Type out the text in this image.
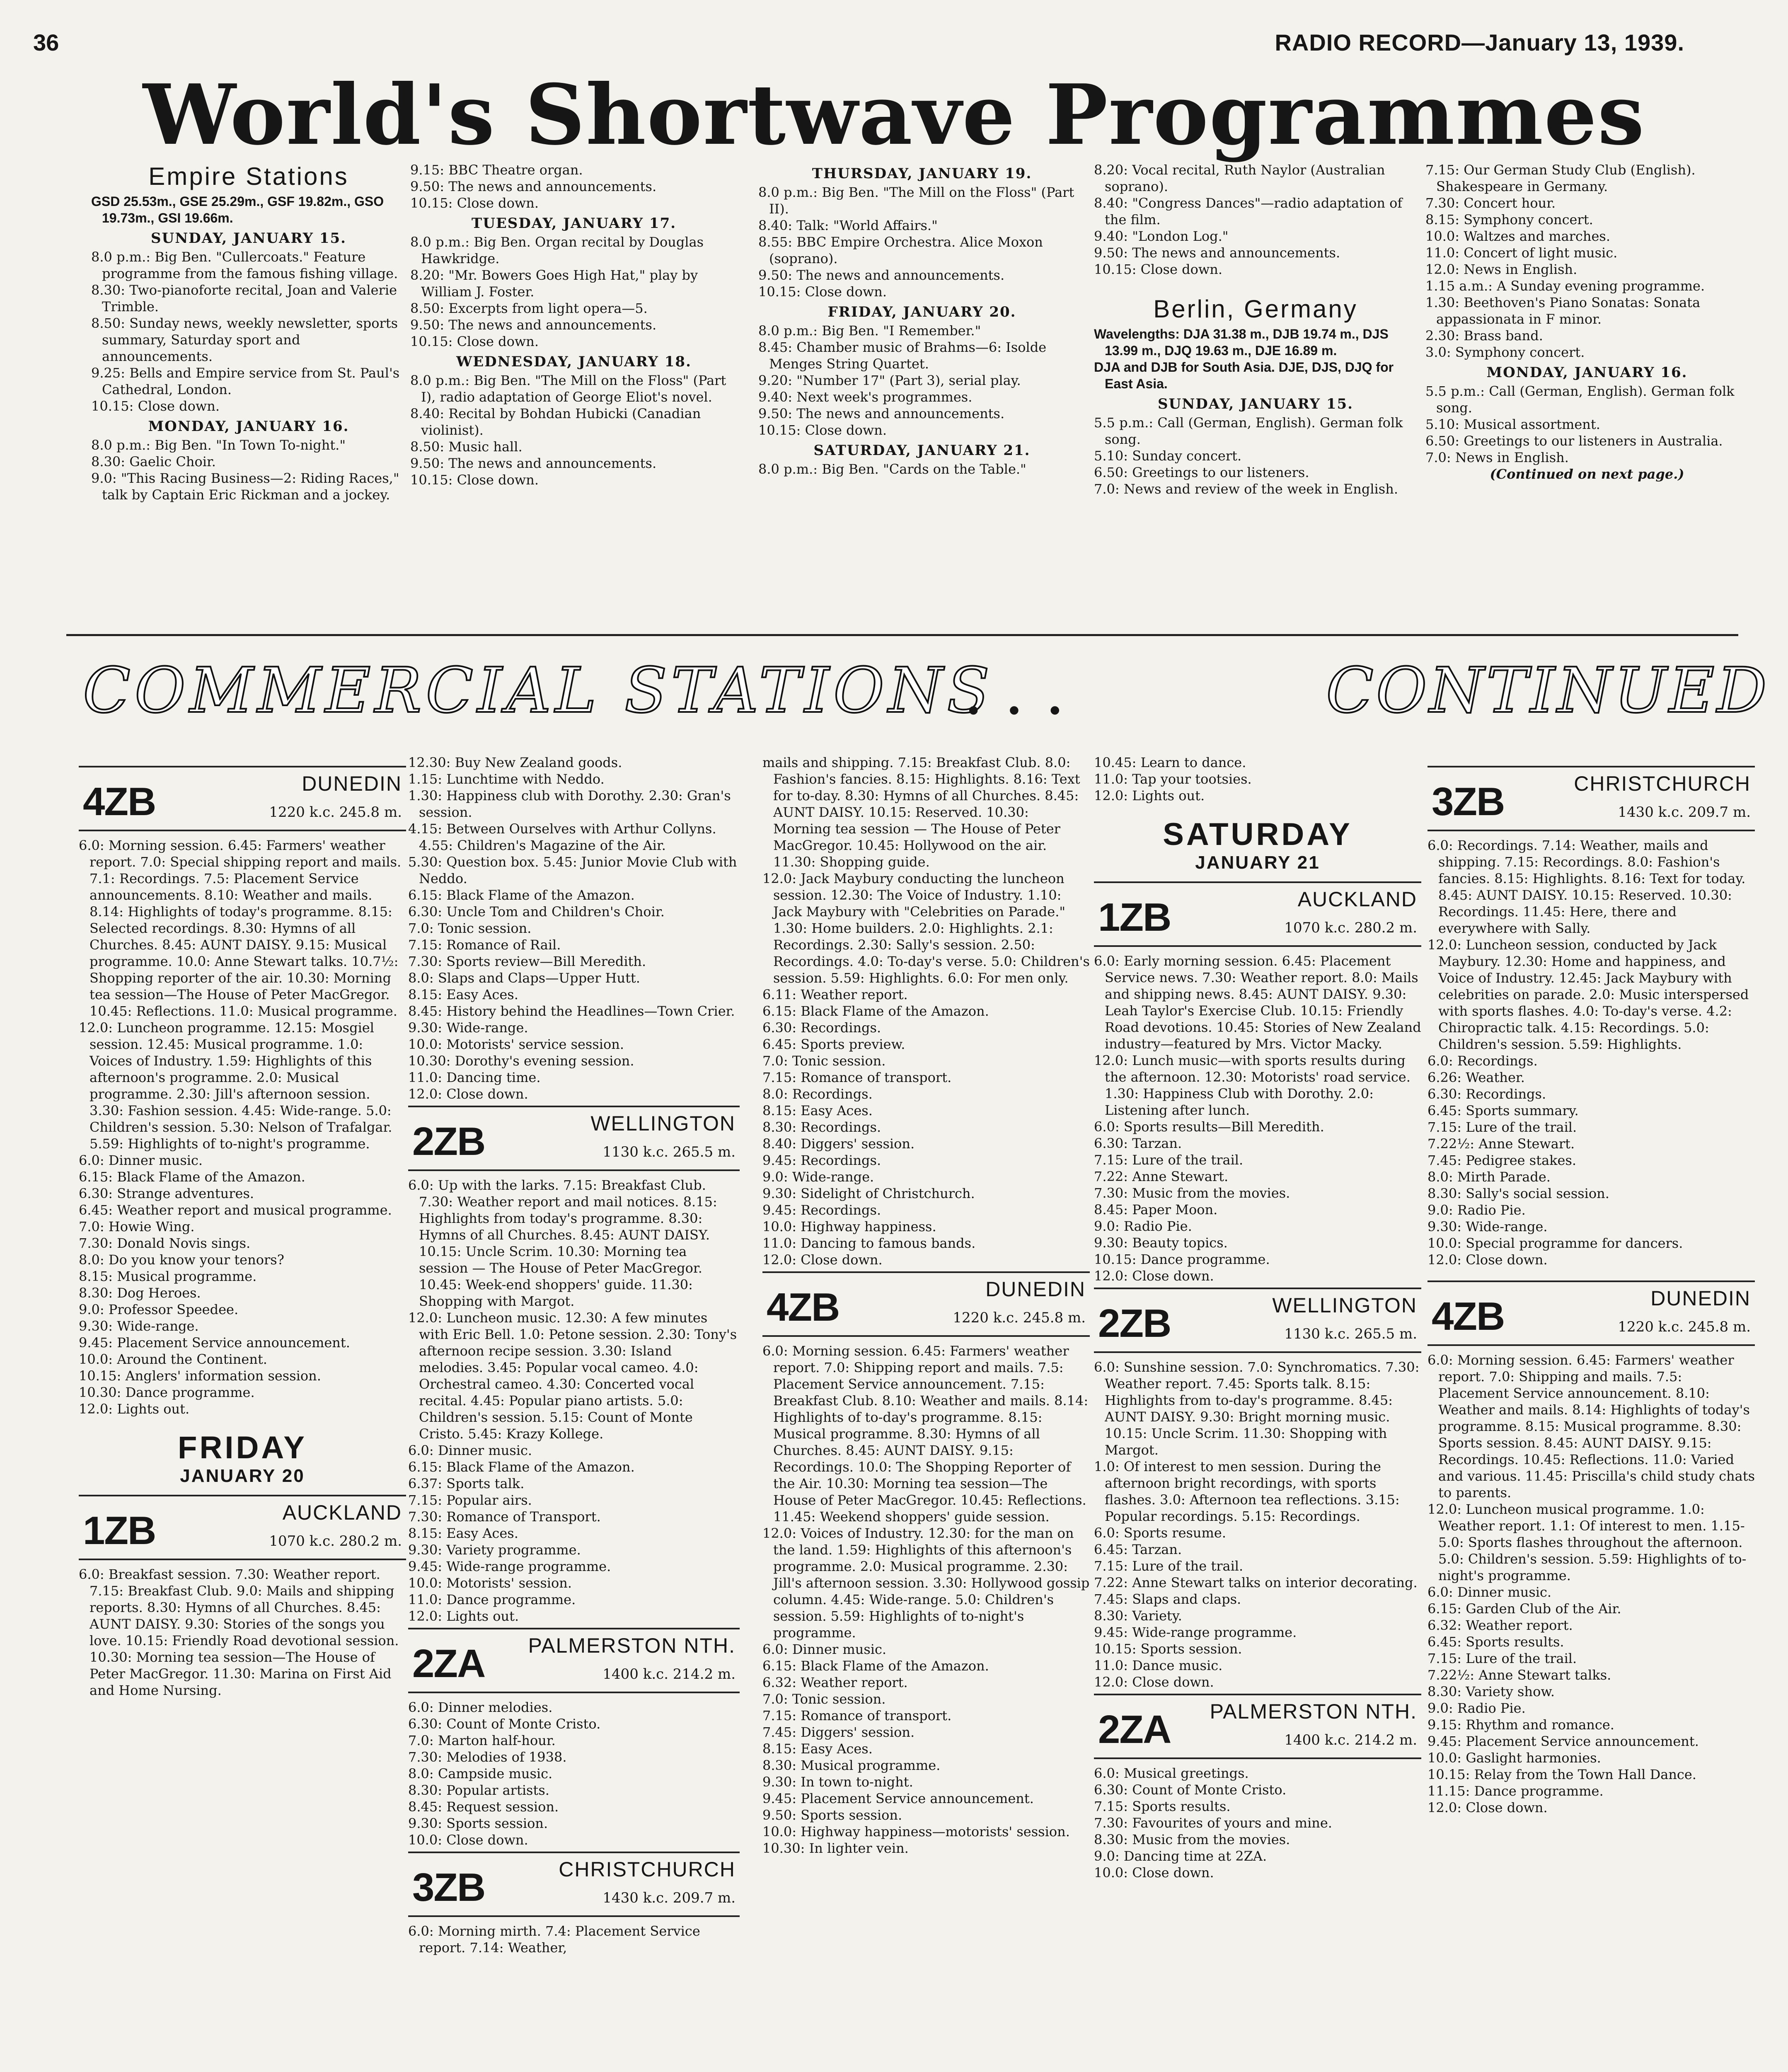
36	RADIO RECORD—January 13, 1939.
World's Shortwave Programmes
Empire Stations

GSD 25.53m., GSE 25.29m., GSF 19.82m., GSO 19.73m., GSI 19.66m.

SUNDAY, JANUARY 15.

8.0 p.m.: Big Ben. "Cullercoats." Feature programme from the famous fishing village.

8.30: Two-pianoforte recital, Joan and Valerie Trimble.

8.50: Sunday news, weekly newsletter, sports summary, Saturday sport and announcements.

9.25: Bells and Empire service from St. Paul's Cathedral, London.

10.15: Close down.

MONDAY, JANUARY 16.

8.0 p.m.: Big Ben. "In Town To-night."

8.30: Gaelic Choir.

9.0: "This Racing Business—2: Riding Races," talk by Captain Eric Rickman and a jockey.

9.15: BBC Theatre organ.

9.50: The news and announcements.

10.15: Close down.

TUESDAY, JANUARY 17.

8.0 p.m.: Big Ben. Organ recital by Douglas Hawkridge.

8.20: "Mr. Bowers Goes High Hat," play by William J. Foster.

8.50: Excerpts from light opera—5.

9.50: The news and announcements.

10.15: Close down.

WEDNESDAY, JANUARY 18.

8.0 p.m.: Big Ben. "The Mill on the Floss" (Part I), radio adaptation of George Eliot's novel.

8.40: Recital by Bohdan Hubicki (Canadian violinist).

8.50: Music hall.

9.50: The news and announcements.

10.15: Close down.

THURSDAY, JANUARY 19.

8.0 p.m.: Big Ben. "The Mill on the Floss" (Part II).

8.40: Talk: "World Affairs."

8.55: BBC Empire Orchestra. Alice Moxon (soprano).

9.50: The news and announcements.

10.15: Close down.

FRIDAY, JANUARY 20.

8.0 p.m.: Big Ben. "I Remember."

8.45: Chamber music of Brahms—6: Isolde Menges String Quartet.

9.20: "Number 17" (Part 3), serial play.

9.40: Next week's programmes.

9.50: The news and announcements.

10.15: Close down.

SATURDAY, JANUARY 21.

8.0 p.m.: Big Ben. "Cards on the Table."

8.20: Vocal recital, Ruth Naylor (Australian soprano).

8.40: "Congress Dances"—radio adaptation of the film.

9.40: "London Log."

9.50: The news and announcements.

10.15: Close down.

Berlin, Germany

Wavelengths: DJA 31.38 m., DJB 19.74 m., DJS 13.99 m., DJQ 19.63 m., DJE 16.89 m.

DJA and DJB for South Asia. DJE, DJS, DJQ for East Asia.

SUNDAY, JANUARY 15.

5.5 p.m.: Call (German, English). German folk song.

5.10: Sunday concert.

6.50: Greetings to our listeners.

7.0: News and review of the week in English.

7.15: Our German Study Club (English). Shakespeare in Germany.

7.30: Concert hour.

8.15: Symphony concert.

10.0: Waltzes and marches.

11.0: Concert of light music.

12.0: News in English.

1.15 a.m.: A Sunday evening programme.

1.30: Beethoven's Piano Sonatas: Sonata appassionata in F minor.

2.30: Brass band.

3.0: Symphony concert.

MONDAY, JANUARY 16.

5.5 p.m.: Call (German, English). German folk song.

5.10: Musical assortment.

6.50: Greetings to our listeners in Australia.

7.0: News in English.

(Continued on next page.)

COMMERCIAL STATIONS
...	CONTINUED
4ZB	DUNEDIN
1220 k.c. 245.8 m.

6.0: Morning session. 6.45: Farmers' weather report. 7.0: Special shipping report and mails. 7.1: Recordings. 7.5: Placement Service announcements. 8.10: Weather and mails. 8.14: Highlights of today's programme. 8.15: Selected recordings. 8.30: Hymns of all Churches. 8.45: AUNT DAISY. 9.15: Musical programme. 10.0: Anne Stewart talks. 10.7½: Shopping reporter of the air. 10.30: Morning tea session—The House of Peter MacGregor. 10.45: Reflections. 11.0: Musical programme.

12.0: Luncheon programme. 12.15: Mosgiel session. 12.45: Musical programme. 1.0: Voices of Industry. 1.59: Highlights of this afternoon's programme. 2.0: Musical programme. 2.30: Jill's afternoon session. 3.30: Fashion session. 4.45: Wide-range. 5.0: Children's session. 5.30: Nelson of Trafalgar. 5.59: Highlights of to-night's programme.

6.0: Dinner music.

6.15: Black Flame of the Amazon.

6.30: Strange adventures.

6.45: Weather report and musical programme.

7.0: Howie Wing.

7.30: Donald Novis sings.

8.0: Do you know your tenors?

8.15: Musical programme.

8.30: Dog Heroes.

9.0: Professor Speedee.

9.30: Wide-range.

9.45: Placement Service announcement.

10.0: Around the Continent.

10.15: Anglers' information session.

10.30: Dance programme.

12.0: Lights out.

FRIDAY
JANUARY 20
1ZB	AUCKLAND
1070 k.c. 280.2 m.

6.0: Breakfast session. 7.30: Weather report. 7.15: Breakfast Club. 9.0: Mails and shipping reports. 8.30: Hymns of all Churches. 8.45: AUNT DAISY. 9.30: Stories of the songs you love. 10.15: Friendly Road devotional session. 10.30: Morning tea session—The House of Peter MacGregor. 11.30: Marina on First Aid and Home Nursing.

12.30: Buy New Zealand goods.

1.15: Lunchtime with Neddo.

1.30: Happiness club with Dorothy. 2.30: Gran's session.

4.15: Between Ourselves with Arthur Collyns. 4.55: Children's Magazine of the Air.

5.30: Question box. 5.45: Junior Movie Club with Neddo.

6.15: Black Flame of the Amazon.

6.30: Uncle Tom and Children's Choir.

7.0: Tonic session.

7.15: Romance of Rail.

7.30: Sports review—Bill Meredith.

8.0: Slaps and Claps—Upper Hutt.

8.15: Easy Aces.

8.45: History behind the Headlines—Town Crier.

9.30: Wide-range.

10.0: Motorists' service session.

10.30: Dorothy's evening session.

11.0: Dancing time.

12.0: Close down.

2ZB	WELLINGTON
1130 k.c. 265.5 m.

6.0: Up with the larks. 7.15: Breakfast Club. 7.30: Weather report and mail notices. 8.15: Highlights from today's programme. 8.30: Hymns of all Churches. 8.45: AUNT DAISY. 10.15: Uncle Scrim. 10.30: Morning tea session — The House of Peter MacGregor. 10.45: Week-end shoppers' guide. 11.30: Shopping with Margot.

12.0: Luncheon music. 12.30: A few minutes with Eric Bell. 1.0: Petone session. 2.30: Tony's afternoon recipe session. 3.30: Island melodies. 3.45: Popular vocal cameo. 4.0: Orchestral cameo. 4.30: Concerted vocal recital. 4.45: Popular piano artists. 5.0: Children's session. 5.15: Count of Monte Cristo. 5.45: Krazy Kollege.

6.0: Dinner music.

6.15: Black Flame of the Amazon.

6.37: Sports talk.

7.15: Popular airs.

7.30: Romance of Transport.

8.15: Easy Aces.

9.30: Variety programme.

9.45: Wide-range programme.

10.0: Motorists' session.

11.0: Dance programme.

12.0: Lights out.

2ZA PALMERSTON NTH.
1400 k.c. 214.2 m.

6.0: Dinner melodies.

6.30: Count of Monte Cristo.

7.0: Marton half-hour.

7.30: Melodies of 1938.

8.0: Campside music.

8.30: Popular artists.

8.45: Request session.

9.30: Sports session.

10.0: Close down.

3ZB	CHRISTCHURCH
1430 k.c. 209.7 m.

6.0: Morning mirth. 7.4: Placement Service report. 7.14: Weather,

mails and shipping. 7.15: Breakfast Club. 8.0: Fashion's fancies. 8.15: Highlights. 8.16: Text for to-day. 8.30: Hymns of all Churches. 8.45: AUNT DAISY. 10.15: Reserved. 10.30: Morning tea session — The House of Peter MacGregor. 10.45: Hollywood on the air. 11.30: Shopping guide.

12.0: Jack Maybury conducting the luncheon session. 12.30: The Voice of Industry. 1.10: Jack Maybury with "Celebrities on Parade." 1.30: Home builders. 2.0: Highlights. 2.1: Recordings. 2.30: Sally's session. 2.50: Recordings. 4.0: To-day's verse. 5.0: Children's session. 5.59: Highlights. 6.0: For men only.

6.11: Weather report.

6.15: Black Flame of the Amazon.

6.30: Recordings.

6.45: Sports preview.

7.0: Tonic session.

7.15: Romance of transport.

8.0: Recordings.

8.15: Easy Aces.

8.30: Recordings.

8.40: Diggers' session.

9.45: Recordings.

9.0: Wide-range.

9.30: Sidelight of Christchurch.

9.45: Recordings.

10.0: Highway happiness.

11.0: Dancing to famous bands.

12.0: Close down.

4ZB	DUNEDIN
1220 k.c. 245.8 m.

6.0: Morning session. 6.45: Farmers' weather report. 7.0: Shipping report and mails. 7.5: Placement Service announcement. 7.15: Breakfast Club. 8.10: Weather and mails. 8.14: Highlights of to-day's programme. 8.15: Musical programme. 8.30: Hymns of all Churches. 8.45: AUNT DAISY. 9.15: Recordings. 10.0: The Shopping Reporter of the Air. 10.30: Morning tea session—The House of Peter MacGregor. 10.45: Reflections. 11.45: Weekend shoppers' guide session.

12.0: Voices of Industry. 12.30: for the man on the land. 1.59: Highlights of this afternoon's programme. 2.0: Musical programme. 2.30: Jill's afternoon session. 3.30: Hollywood gossip column. 4.45: Wide-range. 5.0: Children's session. 5.59: Highlights of to-night's programme.

6.0: Dinner music.

6.15: Black Flame of the Amazon.

6.32: Weather report.

7.0: Tonic session.

7.15: Romance of transport.

7.45: Diggers' session.

8.15: Easy Aces.

8.30: Musical programme.

9.30: In town to-night.

9.45: Placement Service announcement.

9.50: Sports session.

10.0: Highway happiness—motorists' session.

10.30: In lighter vein.

10.45: Learn to dance.

11.0: Tap your tootsies.

12.0: Lights out.

SATURDAY
JANUARY 21
1ZB	AUCKLAND
1070 k.c. 280.2 m.

6.0: Early morning session. 6.45: Placement Service news. 7.30: Weather report. 8.0: Mails and shipping news. 8.45: AUNT DAISY. 9.30: Leah Taylor's Exercise Club. 10.15: Friendly Road devotions. 10.45: Stories of New Zealand industry—featured by Mrs. Victor Macky.

12.0: Lunch music—with sports results during the afternoon. 12.30: Motorists' road service. 1.30: Happiness Club with Dorothy. 2.0: Listening after lunch.

6.0: Sports results—Bill Meredith.

6.30: Tarzan.

7.15: Lure of the trail.

7.22: Anne Stewart.

7.30: Music from the movies.

8.45: Paper Moon.

9.0: Radio Pie.

9.30: Beauty topics.

10.15: Dance programme.

12.0: Close down.

2ZB	WELLINGTON
1130 k.c. 265.5 m.

6.0: Sunshine session. 7.0: Synchromatics. 7.30: Weather report. 7.45: Sports talk. 8.15: Highlights from to-day's programme. 8.45: AUNT DAISY. 9.30: Bright morning music. 10.15: Uncle Scrim. 11.30: Shopping with Margot.

1.0: Of interest to men session. During the afternoon bright recordings, with sports flashes. 3.0: Afternoon tea reflections. 3.15: Popular recordings. 5.15: Recordings.

6.0: Sports resume.

6.45: Tarzan.

7.15: Lure of the trail.

7.22: Anne Stewart talks on interior decorating.

7.45: Slaps and claps.

8.30: Variety.

9.45: Wide-range programme.

10.15: Sports session.

11.0: Dance music.

12.0: Close down.

2ZA PALMERSTON NTH.
1400 k.c. 214.2 m.

6.0: Musical greetings.

6.30: Count of Monte Cristo.

7.15: Sports results.

7.30: Favourites of yours and mine.

8.30: Music from the movies.

9.0: Dancing time at 2ZA.

10.0: Close down.

3ZB	CHRISTCHURCH
1430 k.c. 209.7 m.

6.0: Recordings. 7.14: Weather, mails and shipping. 7.15: Recordings. 8.0: Fashion's fancies. 8.15: Highlights. 8.16: Text for today. 8.45: AUNT DAISY. 10.15: Reserved. 10.30: Recordings. 11.45: Here, there and everywhere with Sally.

12.0: Luncheon session, conducted by Jack Maybury. 12.30: Home and happiness, and Voice of Industry. 12.45: Jack Maybury with celebrities on parade. 2.0: Music interspersed with sports flashes. 4.0: To-day's verse. 4.2: Chiropractic talk. 4.15: Recordings. 5.0: Children's session. 5.59: Highlights.

6.0: Recordings.

6.26: Weather.

6.30: Recordings.

6.45: Sports summary.

7.15: Lure of the trail.

7.22½: Anne Stewart.

7.45: Pedigree stakes.

8.0: Mirth Parade.

8.30: Sally's social session.

9.0: Radio Pie.

9.30: Wide-range.

10.0: Special programme for dancers.

12.0: Close down.

4ZB	DUNEDIN
1220 k.c. 245.8 m.

6.0: Morning session. 6.45: Farmers' weather report. 7.0: Shipping and mails. 7.5: Placement Service announcement. 8.10: Weather and mails. 8.14: Highlights of today's programme. 8.15: Musical programme. 8.30: Sports session. 8.45: AUNT DAISY. 9.15: Recordings. 10.45: Reflections. 11.0: Varied and various. 11.45: Priscilla's child study chats to parents.

12.0: Luncheon musical programme. 1.0: Weather report. 1.1: Of interest to men. 1.15-5.0: Sports flashes throughout the afternoon. 5.0: Children's session. 5.59: Highlights of to-night's programme.

6.0: Dinner music.

6.15: Garden Club of the Air.

6.32: Weather report.

6.45: Sports results.

7.15: Lure of the trail.

7.22½: Anne Stewart talks.

8.30: Variety show.

9.0: Radio Pie.

9.15: Rhythm and romance.

9.45: Placement Service announcement.

10.0: Gaslight harmonies.

10.15: Relay from the Town Hall Dance.

11.15: Dance programme.

12.0: Close down.
